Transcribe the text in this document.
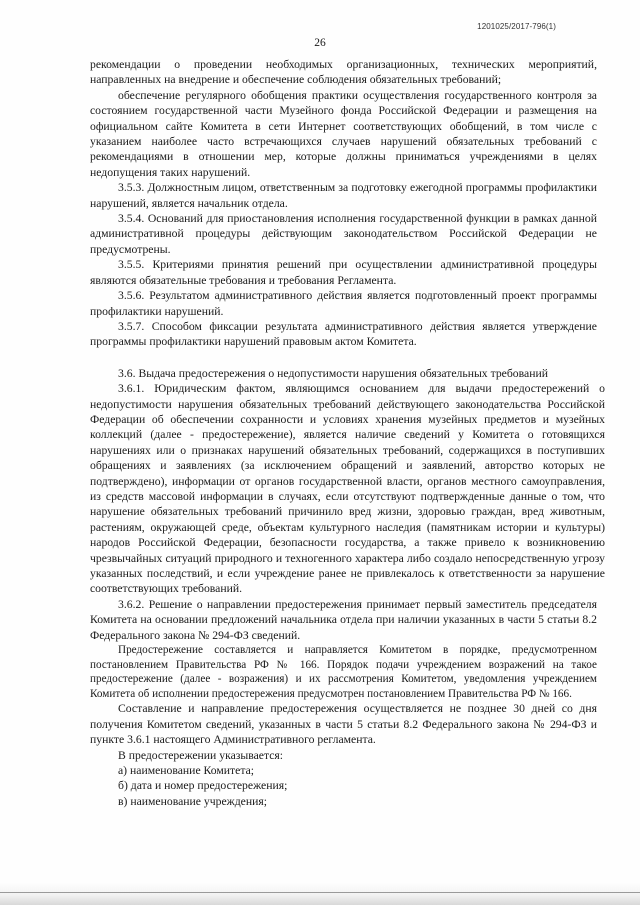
1201025/2017-796(1)
26

рекомендации о проведении необходимых организационных, технических мероприятий, направленных на внедрение и обеспечение соблюдения обязательных требований;

обеспечение регулярного обобщения практики осуществления государственного контроля за состоянием государственной части Музейного фонда Российской Федерации и размещения на официальном сайте Комитета в сети Интернет соответствующих обобщений, в том числе с указанием наиболее часто встречающихся случаев нарушений обязательных требований с рекомендациями в отношении мер, которые должны приниматься учреждениями в целях недопущения таких нарушений.

3.5.3. Должностным лицом, ответственным за подготовку ежегодной программы профилактики нарушений, является начальник отдела.

3.5.4. Оснований для приостановления исполнения государственной функции в рамках данной административной процедуры действующим законодательством Российской Федерации не предусмотрены.

3.5.5. Критериями принятия решений при осуществлении административной процедуры являются обязательные требования и требования Регламента.

3.5.6. Результатом административного действия является подготовленный проект программы профилактики нарушений.

3.5.7. Способом фиксации результата административного действия является утверждение программы профилактики нарушений правовым актом Комитета.

3.6. Выдача предостережения о недопустимости нарушения обязательных требований

3.6.1. Юридическим фактом, являющимся основанием для выдачи предостережений о недопустимости нарушения обязательных требований действующего законодательства Российской Федерации об обеспечении сохранности и условиях хранения музейных предметов и музейных коллекций (далее - предостережение), является наличие сведений у Комитета о готовящихся нарушениях или о признаках нарушений обязательных требований, содержащихся в поступивших обращениях и заявлениях (за исключением обращений и заявлений, авторство которых не подтверждено), информации от органов государственной власти, органов местного самоуправления, из средств массовой информации в случаях, если отсутствуют подтвержденные данные о том, что нарушение обязательных требований причинило вред жизни, здоровью граждан, вред животным, растениям, окружающей среде, объектам культурного наследия (памятникам истории и культуры) народов Российской Федерации, безопасности государства, а также привело к возникновению чрезвычайных ситуаций природного и техногенного характера либо создало непосредственную угрозу указанных последствий, и если учреждение ранее не привлекалось к ответственности за нарушение соответствующих требований.

3.6.2. Решение о направлении предостережения принимает первый заместитель председателя Комитета на основании предложений начальника отдела при наличии указанных в части 5 статьи 8.2 Федерального закона № 294-ФЗ сведений.

Предостережение составляется и направляется Комитетом в порядке, предусмотренном постановлением Правительства РФ № 166. Порядок подачи учреждением возражений на такое предостережение (далее - возражения) и их рассмотрения Комитетом, уведомления учреждением Комитета об исполнении предостережения предусмотрен постановлением Правительства РФ № 166.

Составление и направление предостережения осуществляется не позднее 30 дней со дня получения Комитетом сведений, указанных в части 5 статьи 8.2 Федерального закона № 294-ФЗ и пункте 3.6.1 настоящего Административного регламента.

В предостережении указывается:

а) наименование Комитета;

б) дата и номер предостережения;

в) наименование учреждения;
